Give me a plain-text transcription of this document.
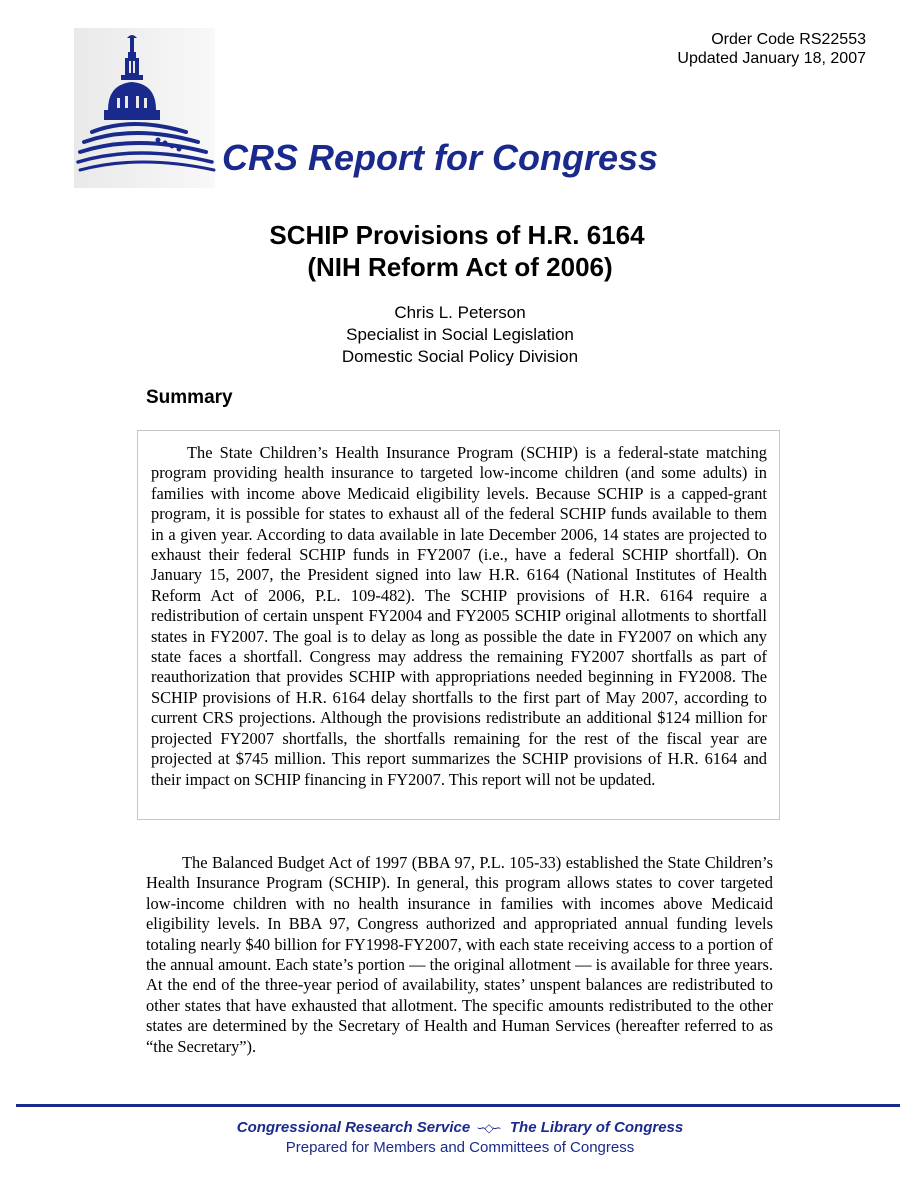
Order Code RS22553
Updated January 18, 2007
CRS Report for Congress
SCHIP Provisions of H.R. 6164
(NIH Reform Act of 2006)
Chris L. Peterson
Specialist in Social Legislation
Domestic Social Policy Division
Summary

The State Children’s Health Insurance Program (SCHIP) is a federal-state matching program providing health insurance to targeted low-income children (and some adults) in families with income above Medicaid eligibility levels. Because SCHIP is a capped-grant program, it is possible for states to exhaust all of the federal SCHIP funds available to them in a given year. According to data available in late December 2006, 14 states are projected to exhaust their federal SCHIP funds in FY2007 (i.e., have a federal SCHIP shortfall). On January 15, 2007, the President signed into law H.R. 6164 (National Institutes of Health Reform Act of 2006, P.L. 109-482). The SCHIP provisions of H.R. 6164 require a redistribution of certain unspent FY2004 and FY2005 SCHIP original allotments to shortfall states in FY2007. The goal is to delay as long as possible the date in FY2007 on which any state faces a shortfall. Congress may address the remaining FY2007 shortfalls as part of reauthorization that provides SCHIP with appropriations needed beginning in FY2008. The SCHIP provisions of H.R. 6164 delay shortfalls to the first part of May 2007, according to current CRS projections. Although the provisions redistribute an additional $124 million for projected FY2007 shortfalls, the shortfalls remaining for the rest of the fiscal year are projected at $745 million. This report summarizes the SCHIP provisions of H.R. 6164 and their impact on SCHIP financing in FY2007. This report will not be updated.

The Balanced Budget Act of 1997 (BBA 97, P.L. 105-33) established the State Children’s Health Insurance Program (SCHIP). In general, this program allows states to cover targeted low-income children with no health insurance in families with incomes above Medicaid eligibility levels. In BBA 97, Congress authorized and appropriated annual funding levels totaling nearly $40 billion for FY1998-FY2007, with each state receiving access to a portion of the annual amount. Each state’s portion — the original allotment — is available for three years. At the end of the three-year period of availability, states’ unspent balances are redistributed to other states that have exhausted that allotment. The specific amounts redistributed to the other states are determined by the Secretary of Health and Human Services (hereafter referred to as “the Secretary”).

Congressional Research Service ∽◇∽ The Library of Congress
Prepared for Members and Committees of Congress
